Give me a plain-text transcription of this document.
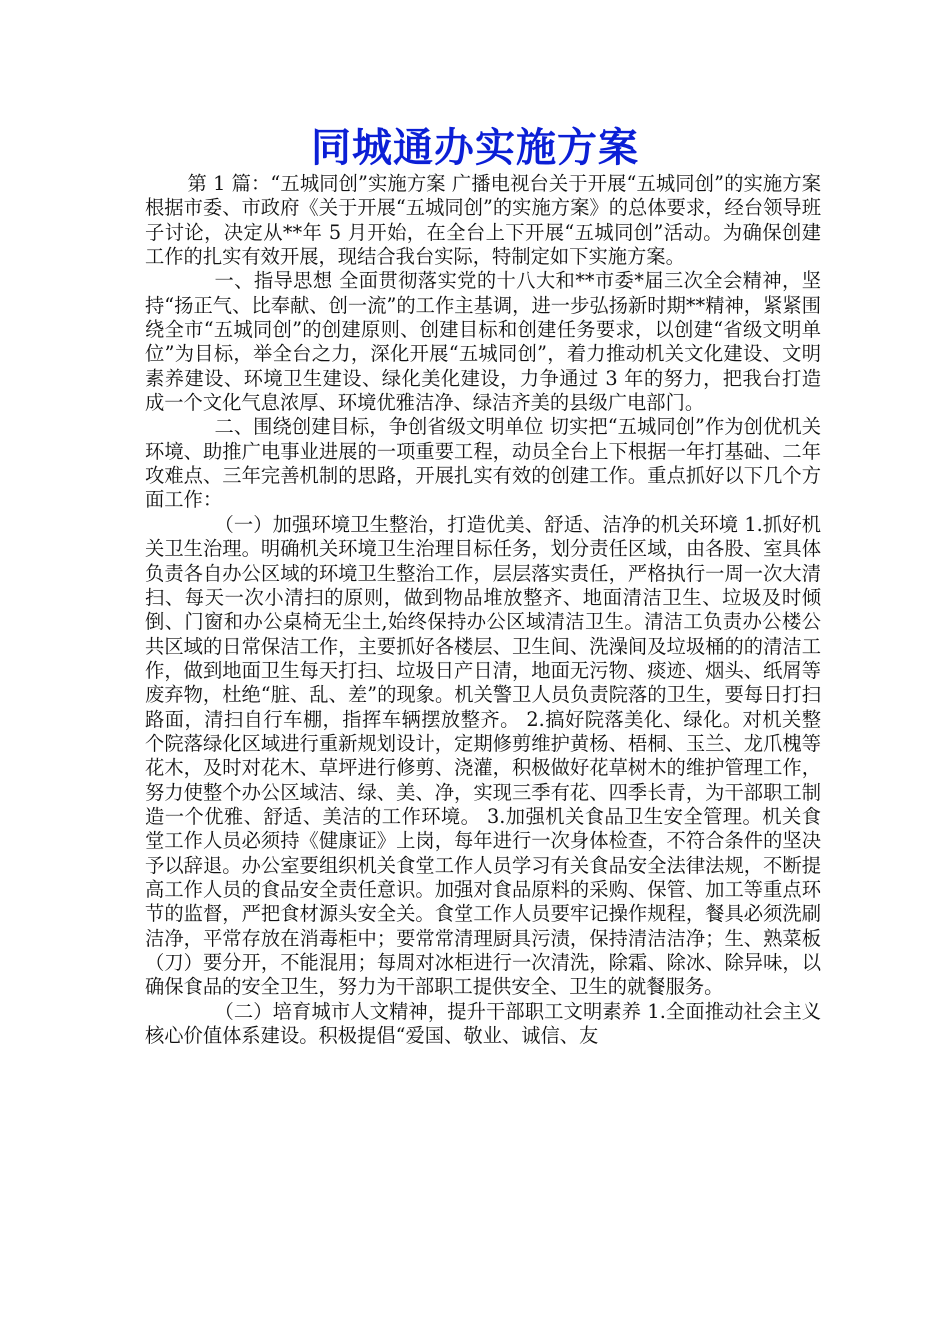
同城通办实施方案

第 1 篇：“五城同创”实施方案 广播电视台关于开展“五城同创”的实施方案 根据市委、市政府《关于开展“五城同创”的实施方案》的总体要求，经台领导班子讨论，决定从**年 5 月开始，在全台上下开展“五城同创”活动。为确保创建工作的扎实有效开展，现结合我台实际，特制定如下实施方案。

一、指导思想 全面贯彻落实党的十八大和**市委*届三次全会精神，坚持“扬正气、比奉献、创一流”的工作主基调，进一步弘扬新时期**精神，紧紧围绕全市“五城同创”的创建原则、创建目标和创建任务要求，以创建“省级文明单位”为目标，举全台之力，深化开展“五城同创”，着力推动机关文化建设、文明素养建设、环境卫生建设、绿化美化建设，力争通过 3 年的努力，把我台打造成一个文化气息浓厚、环境优雅洁净、绿洁齐美的县级广电部门。

二、围绕创建目标，争创省级文明单位 切实把“五城同创”作为创优机关环境、助推广电事业进展的一项重要工程，动员全台上下根据一年打基础、二年攻难点、三年完善机制的思路，开展扎实有效的创建工作。重点抓好以下几个方面工作：

（一）加强环境卫生整治，打造优美、舒适、洁净的机关环境 1.抓好机关卫生治理。明确机关环境卫生治理目标任务，划分责任区域，由各股、室具体负责各自办公区域的环境卫生整治工作，层层落实责任，严格执行一周一次大清扫、每天一次小清扫的原则，做到物品堆放整齐、地面清洁卫生、垃圾及时倾倒、门窗和办公桌椅无尘土,始终保持办公区域清洁卫生。清洁工负责办公楼公共区域的日常保洁工作，主要抓好各楼层、卫生间、洗澡间及垃圾桶的的清洁工作，做到地面卫生每天打扫、垃圾日产日清，地面无污物、痰迹、烟头、纸屑等废弃物，杜绝“脏、乱、差”的现象。机关警卫人员负责院落的卫生，要每日打扫路面，清扫自行车棚，指挥车辆摆放整齐。 2.搞好院落美化、绿化。对机关整个院落绿化区域进行重新规划设计，定期修剪维护黄杨、梧桐、玉兰、龙爪槐等花木，及时对花木、草坪进行修剪、浇灌，积极做好花草树木的维护管理工作，努力使整个办公区域洁、绿、美、净，实现三季有花、四季长青，为干部职工制造一个优雅、舒适、美洁的工作环境。 3.加强机关食品卫生安全管理。机关食堂工作人员必须持《健康证》上岗，每年进行一次身体检查，不符合条件的坚决予以辞退。办公室要组织机关食堂工作人员学习有关食品安全法律法规，不断提高工作人员的食品安全责任意识。加强对食品原料的采购、保管、加工等重点环节的监督，严把食材源头安全关。食堂工作人员要牢记操作规程，餐具必须洗刷洁净，平常存放在消毒柜中；要常常清理厨具污渍，保持清洁洁净；生、熟菜板（刀）要分开，不能混用；每周对冰柜进行一次清洗，除霜、除冰、除异味，以确保食品的安全卫生，努力为干部职工提供安全、卫生的就餐服务。

（二）培育城市人文精神，提升干部职工文明素养 1.全面推动社会主义核心价值体系建设。积极提倡“爱国、敬业、诚信、友
